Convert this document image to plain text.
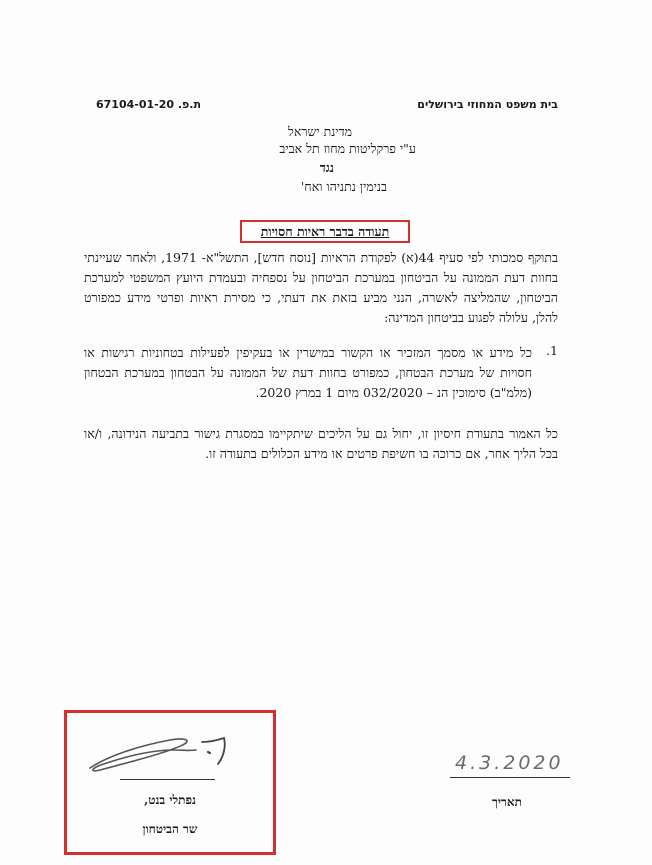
בית משפט המחוזי בירושלים
ת.פ. 67104-01-20
מדינת ישראל
ע"י פרקליטות מחוז תל אביב
נגד
בנימין נתניהו ואח'
תעודה בדבר ראיות חסויות
בתוקף סמכותי לפי סעיף 44(א) לפקודת הראיות [נוסח חדש], התשל"א- 1971, ולאחר שעיינתי בחוות דעת הממונה על הביטחון במערכת הביטחון על נספחיה ובעמדת היועץ המשפטי למערכת הביטחון, שהמליצה לאשרה, הנני מביע בזאת את דעתי, כי מסירת ראיות ופרטי מידע כמפורט להלן, עלולה לפגוע בביטחון המדינה:
1.
כל מידע או מסמך המזכיר או הקשור במישרין או בעקיפין לפעילות בטחוניות רגישות או חסויות של מערכת הבטחון, כמפורט בחוות דעת של הממונה על הבטחון במערכת הבטחון (מלמ"ב) סימוכין הנ – 032/2020 מיום 1 במרץ 2020.
כל האמור בתעודת חיסיון זו, יחול גם על הליכים שיתקיימו במסגרת גישור בתביעה הנידונה, ו/או בכל הליך אחר, אם כרוכה בו חשיפת פרטים או מידע הכלולים בתעודה זו.
נפתלי בנט,
שר הביטחון
4.3.2020
תאריך
